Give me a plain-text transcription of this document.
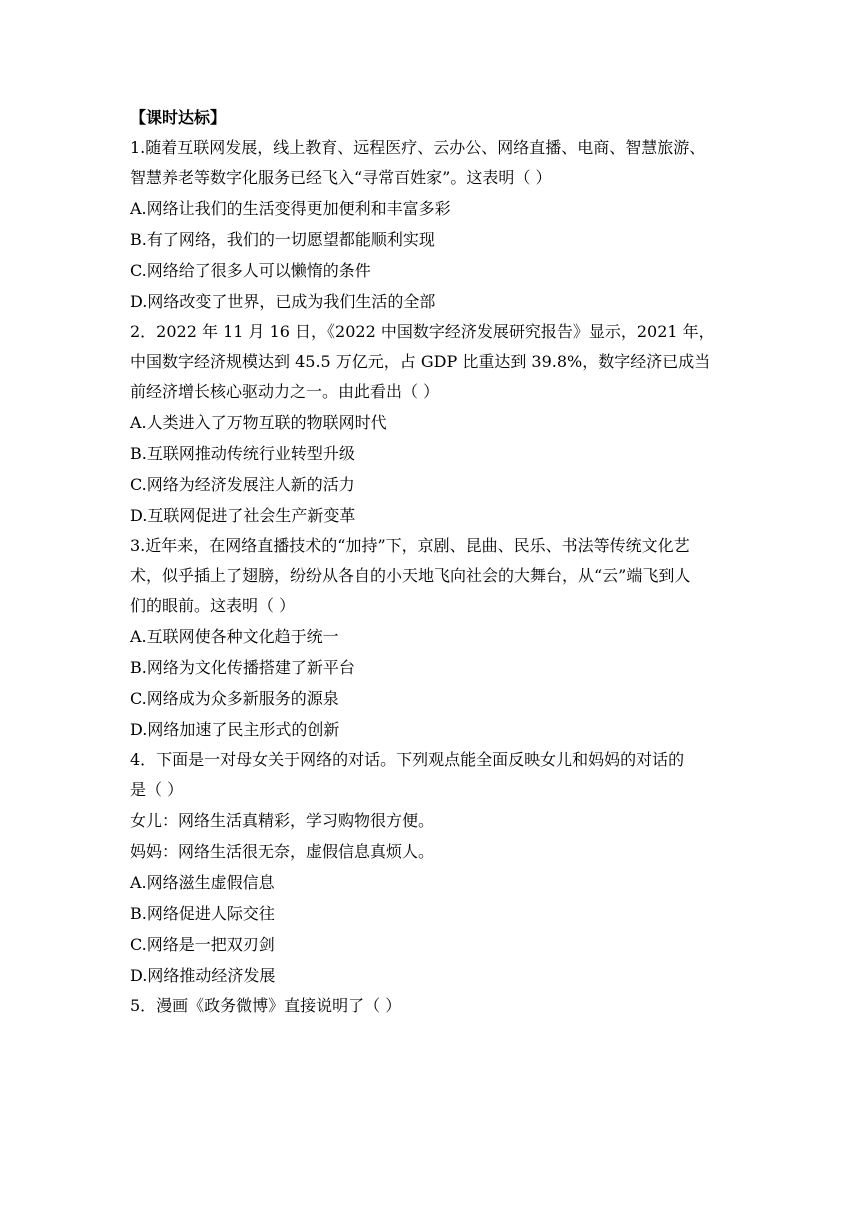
【课时达标】
1.随着互联网发展，线上教育、远程医疗、云办公、网络直播、电商、智慧旅游、
智慧养老等数字化服务已经飞入“寻常百姓家”。这表明（ ）
A.网络让我们的生活变得更加便利和丰富多彩
B.有了网络，我们的一切愿望都能顺利实现
C.网络给了很多人可以懒惰的条件
D.网络改变了世界，已成为我们生活的全部
2．2022 年 11 月 16 日，《2022 中国数字经济发展研究报告》显示，2021 年，
中国数字经济规模达到 45.5 万亿元，占 GDP 比重达到 39.8%，数字经济已成当
前经济增长核心驱动力之一。由此看出（ ）
A.人类进入了万物互联的物联网时代
B.互联网推动传统行业转型升级
C.网络为经济发展注人新的活力
D.互联网促进了社会生产新变革
3.近年来，在网络直播技术的“加持”下，京剧、昆曲、民乐、书法等传统文化艺
术，似乎插上了翅膀，纷纷从各自的小天地飞向社会的大舞台，从“云”端飞到人
们的眼前。这表明（ ）
A.互联网使各种文化趋于统一
B.网络为文化传播搭建了新平台
C.网络成为众多新服务的源泉
D.网络加速了民主形式的创新
4．下面是一对母女关于网络的对话。下列观点能全面反映女儿和妈妈的对话的
是（ ）
女儿：网络生活真精彩，学习购物很方便。
妈妈：网络生活很无奈，虚假信息真烦人。
A.网络滋生虚假信息
B.网络促进人际交往
C.网络是一把双刃剑
D.网络推动经济发展
5．漫画《政务微博》直接说明了（ ）
